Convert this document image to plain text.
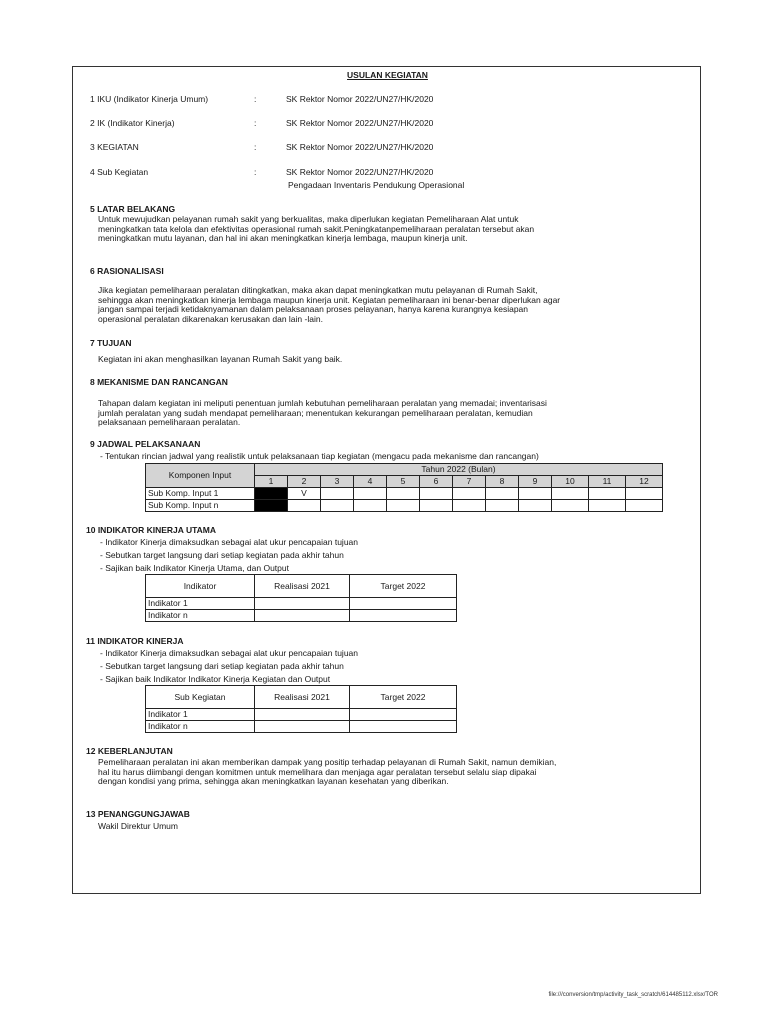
USULAN KEGIATAN
1 IKU (Indikator Kinerja Umum)	:	SK Rektor Nomor 2022/UN27/HK/2020
2 IK (Indikator Kinerja)	:	SK Rektor Nomor 2022/UN27/HK/2020
3 KEGIATAN	:	SK Rektor Nomor 2022/UN27/HK/2020
4 Sub Kegiatan	:	SK Rektor Nomor 2022/UN27/HK/2020
Pengadaan Inventaris Pendukung Operasional
5 LATAR BELAKANG
Untuk mewujudkan pelayanan rumah sakit yang berkualitas, maka diperlukan kegiatan Pemeliharaan Alat untuk
meningkatkan tata kelola dan efektivitas operasional rumah sakit.Peningkatanpemeliharaan peralatan tersebut akan
meningkatkan mutu layanan, dan hal ini akan meningkatkan kinerja lembaga, maupun kinerja unit.
6 RASIONALISASI
Jika kegiatan pemeliharaan peralatan ditingkatkan, maka akan dapat meningkatkan mutu pelayanan di Rumah Sakit,
sehingga akan meningkatkan kinerja lembaga maupun kinerja unit. Kegiatan pemeliharaan ini benar-benar diperlukan agar
jangan sampai terjadi ketidaknyamanan dalam pelaksanaan proses pelayanan, hanya karena kurangnya kesiapan
operasional peralatan dikarenakan kerusakan dan lain -lain.
7 TUJUAN
Kegiatan ini akan menghasilkan layanan Rumah Sakit yang baik.
8 MEKANISME DAN RANCANGAN
Tahapan dalam kegiatan ini meliputi penentuan jumlah kebutuhan pemeliharaan peralatan yang memadai; inventarisasi
jumlah peralatan yang sudah mendapat pemeliharaan; menentukan kekurangan pemeliharaan peralatan, kemudian
pelaksanaan pemeliharaan peralatan.
9 JADWAL PELAKSANAAN
- Tentukan rincian jadwal yang realistik untuk pelaksanaan tiap kegiatan (mengacu pada mekanisme dan rancangan)
Komponen Input	Tahun 2022 (Bulan)											
	1	2	3	4	5	6	7	8	9	10	11	12
Sub Komp. Input 1		V										
Sub Komp. Input n												
10 INDIKATOR KINERJA UTAMA
- Indikator Kinerja dimaksudkan sebagai alat ukur pencapaian tujuan
- Sebutkan target langsung dari setiap kegiatan pada akhir tahun
- Sajikan baik Indikator Kinerja Utama, dan Output
Indikator	Realisasi 2021	Target 2022
Indikator 1		
Indikator n		
11 INDIKATOR KINERJA
- Indikator Kinerja dimaksudkan sebagai alat ukur pencapaian tujuan
- Sebutkan target langsung dari setiap kegiatan pada akhir tahun
- Sajikan baik Indikator Indikator Kinerja Kegiatan dan Output
Sub Kegiatan	Realisasi 2021	Target 2022
Indikator 1		
Indikator n		
12 KEBERLANJUTAN
Pemeliharaan peralatan ini akan memberikan dampak yang positip terhadap pelayanan di Rumah Sakit, namun demikian,
hal itu harus diimbangi dengan komitmen untuk memelihara dan menjaga agar peralatan tersebut selalu siap dipakai
dengan kondisi yang prima, sehingga akan meningkatkan layanan kesehatan yang diberikan.
13 PENANGGUNGJAWAB
Wakil Direktur Umum
file:///conversion/tmp/activity_task_scratch/614485112.xlsx/TOR
